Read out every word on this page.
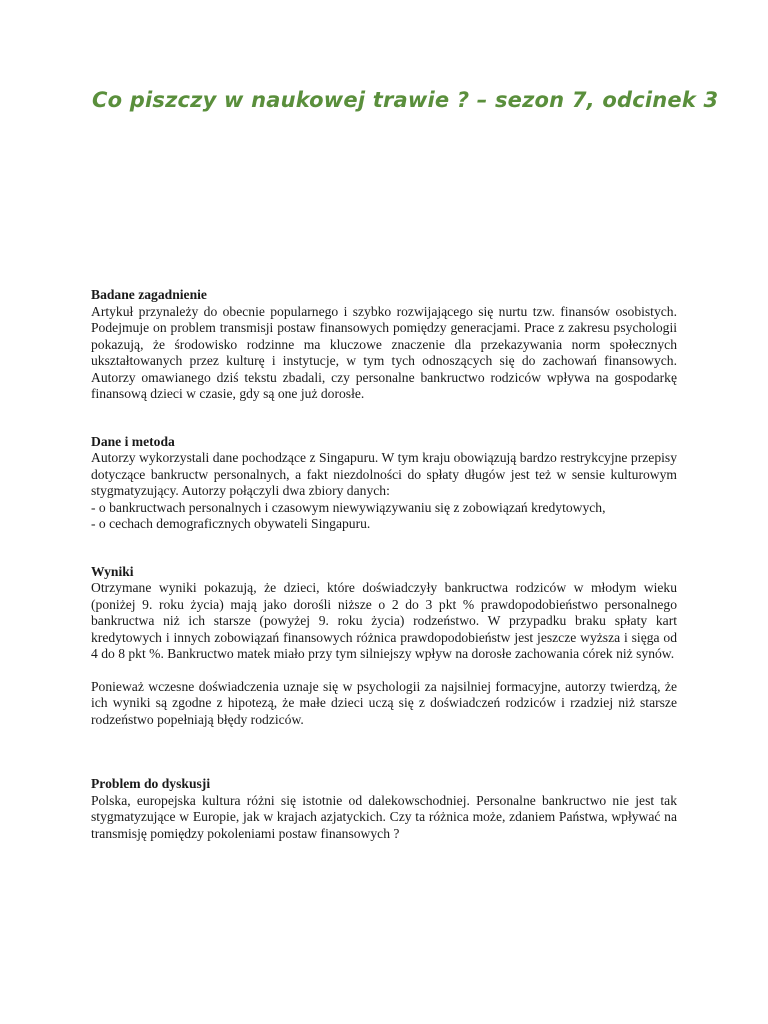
Co piszczy w naukowej trawie ? – sezon 7, odcinek 3

Badane zagadnienie

Artykuł przynależy do obecnie popularnego i szybko rozwijającego się nurtu tzw. finansów osobistych. Podejmuje on problem transmisji postaw finansowych pomiędzy generacjami. Prace z zakresu psychologii pokazują, że środowisko rodzinne ma kluczowe znaczenie dla przekazywania norm społecznych ukształtowanych przez kulturę i instytucje, w tym tych odnoszących się do zachowań finansowych. Autorzy omawianego dziś tekstu zbadali, czy personalne bankructwo rodziców wpływa na gospodarkę finansową dzieci w czasie, gdy są one już dorosłe.

Dane i metoda

Autorzy wykorzystali dane pochodzące z Singapuru. W tym kraju obowiązują bardzo restrykcyjne przepisy dotyczące bankructw personalnych, a fakt niezdolności do spłaty długów jest też w sensie kulturowym stygmatyzujący. Autorzy połączyli dwa zbiory danych:

- o bankructwach personalnych i czasowym niewywiązywaniu się z zobowiązań kredytowych,
- o cechach demograficznych obywateli Singapuru.

Wyniki

Otrzymane wyniki pokazują, że dzieci, które doświadczyły bankructwa rodziców w młodym wieku (poniżej 9. roku życia) mają jako dorośli niższe o 2 do 3 pkt % prawdopodobieństwo personalnego bankructwa niż ich starsze (powyżej 9. roku życia) rodzeństwo. W przypadku braku spłaty kart kredytowych i innych zobowiązań finansowych różnica prawdopodobieństw jest jeszcze wyższa i sięga od 4 do 8 pkt %. Bankructwo matek miało przy tym silniejszy wpływ na dorosłe zachowania córek niż synów.

Ponieważ wczesne doświadczenia uznaje się w psychologii za najsilniej formacyjne, autorzy twierdzą, że ich wyniki są zgodne z hipotezą, że małe dzieci uczą się z doświadczeń rodziców i rzadziej niż starsze rodzeństwo popełniają błędy rodziców.

Problem do dyskusji

Polska, europejska kultura różni się istotnie od dalekowschodniej. Personalne bankructwo nie jest tak stygmatyzujące w Europie, jak w krajach azjatyckich. Czy ta różnica może, zdaniem Państwa, wpływać na transmisję pomiędzy pokoleniami postaw finansowych ?
